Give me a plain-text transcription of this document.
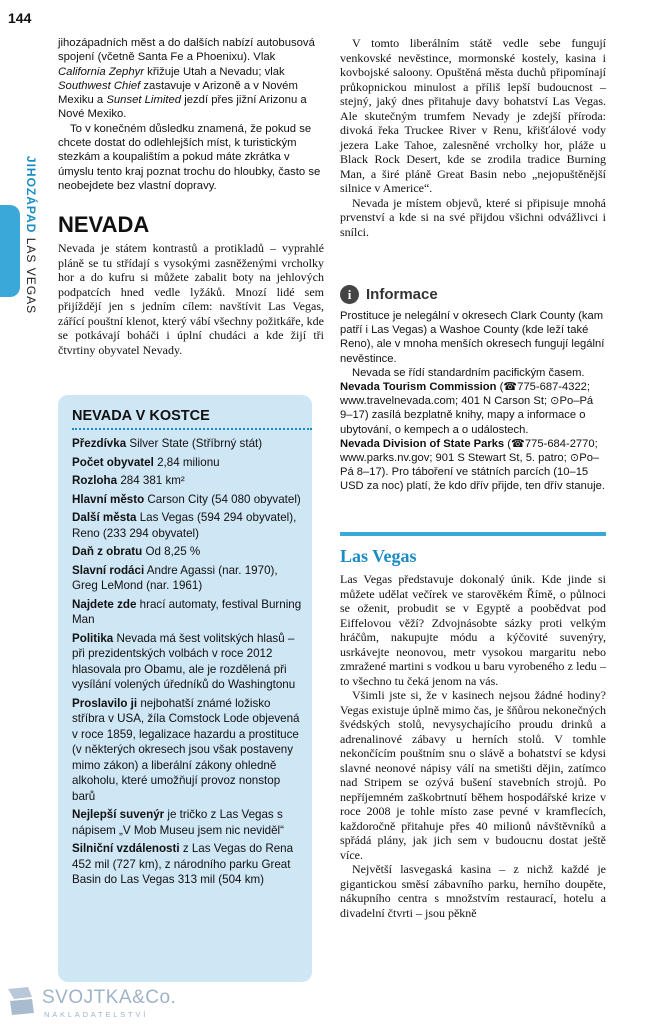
144
JIHOZÁPAD LAS VEGAS

jihozápadních měst a do dalších nabízí autobusová spojení (včetně Santa Fe a Phoenixu). Vlak California Zephyr křižuje Utah a Nevadu; vlak Southwest Chief zastavuje v Arizoně a v Novém Mexiku a Sunset Limited jezdí přes jižní Arizonu a Nové Mexiko.

To v konečném důsledku znamená, že pokud se chcete dostat do odlehlejších míst, k turistickým stezkám a koupalištím a pokud máte zkrátka v úmyslu tento kraj poznat trochu do hloubky, často se neobejdete bez vlastní dopravy.

NEVADA
Nevada je státem kontrastů a protikladů – vyprahlé pláně se tu střídají s vysokými zasněženými vrcholky hor a do kufru si můžete zabalit boty na jehlových podpatcích hned vedle lyžáků. Mnozí lidé sem přijíždějí jen s jedním cílem: navštívit Las Vegas, zářící pouštní klenot, který vábí všechny požitkáře, kde se potkávají boháči i úplní chudáci a kde žijí tři čtvrtiny obyvatel Nevady.
NEVADA V KOSTCE
Přezdívka Silver State (Stříbrný stát)
Počet obyvatel 2,84 milionu
Rozloha 284 381 km²
Hlavní město Carson City (54 080 obyvatel)
Další města Las Vegas (594 294 obyvatel), Reno (233 294 obyvatel)
Daň z obratu Od 8,25 %
Slavní rodáci Andre Agassi (nar. 1970), Greg LeMond (nar. 1961)
Najdete zde hrací automaty, festival Burning Man
Politika Nevada má šest volitských hlasů – při prezidentských volbách v roce 2012 hlasovala pro Obamu, ale je rozdělená při vysílání volených úředníků do Washingtonu
Proslavilo ji nejbohatší známé ložisko stříbra v USA, žíla Comstock Lode objevená v roce 1859, legalizace hazardu a prostituce (v některých okresech jsou však postaveny mimo zákon) a liberální zákony ohledně alkoholu, které umožňují provoz nonstop barů
Nejlepší suvenýr je tričko z Las Vegas s nápisem „V Mob Museu jsem nic neviděl“
Silniční vzdálenosti z Las Vegas do Rena 452 mil (727 km), z národního parku Great Basin do Las Vegas 313 mil (504 km)

V tomto liberálním státě vedle sebe fungují venkovské nevěstince, mormonské kostely, kasina i kovbojské saloony. Opuštěná města duchů připomínají průkopnickou minulost a příliš lepší budoucnost – stejný, jaký dnes přitahuje davy bohatství Las Vegas. Ale skutečným trumfem Nevady je zdejší příroda: divoká řeka Truckee River v Renu, křišťálové vody jezera Lake Tahoe, zalesněné vrcholky hor, pláže u Black Rock Desert, kde se zrodila tradice Burning Man, a širé pláně Great Basin nebo „nejopuštěnější silnice v Americe“.

Nevada je místem objevů, které si připisuje mnohá prvenství a kde si na své přijdou všichni odvážlivci i snílci.

i Informace

Prostituce je nelegální v okresech Clark County (kam patří i Las Vegas) a Washoe County (kde leží také Reno), ale v mnoha menších okresech fungují legální nevěstince.

Nevada se řídí standardním pacifickým časem.

Nevada Tourism Commission (☎775-687-4322; www.travelnevada.com; 401 N Carson St; ⊙Po–Pá 9–17) zasílá bezplatně knihy, mapy a informace o ubytování, o kempech a o událostech.

Nevada Division of State Parks (☎775-684-2770; www.parks.nv.gov; 901 S Stewart St, 5. patro; ⊙Po–Pá 8–17). Pro táboření ve státních parcích (10–15 USD za noc) platí, že kdo dřív přijde, ten dřív stanuje.

Las Vegas

Las Vegas představuje dokonalý únik. Kde jinde si můžete udělat večírek ve starověkém Římě, o půlnoci se oženit, probudit se v Egyptě a poobědvat pod Eiffelovou věží? Zdvojnásobte sázky proti velkým hráčům, nakupujte módu a kýčovité suvenýry, usrkávejte neonovou, metr vysokou margaritu nebo zmražené martini s vodkou u baru vyrobeného z ledu – to všechno tu čeká jenom na vás.

Všimli jste si, že v kasinech nejsou žádné hodiny? Vegas existuje úplně mimo čas, je šňůrou nekonečných švédských stolů, nevysychajícího proudu drinků a adrenalinové zábavy u herních stolů. V tomhle nekončícím pouštním snu o slávě a bohatství se kdysi slavné neonové nápisy válí na smetišti dějin, zatímco nad Stripem se ozývá bušení stavebních strojů. Po nepříjemném zaškobrtnutí během hospodářské krize v roce 2008 je tohle místo zase pevné v kramflecích, každoročně přitahuje přes 40 milionů návštěvníků a spřádá plány, jak jich sem v budoucnu dostat ještě více.

Největší lasvegaská kasina – z nichž každé je gigantickou směsí zábavního parku, herního doupěte, nákupního centra s množstvím restaurací, hotelu a divadelní čtvrti – jsou pěkně

SVOJTKA&Co.
NAKLADATELSTVÍ
